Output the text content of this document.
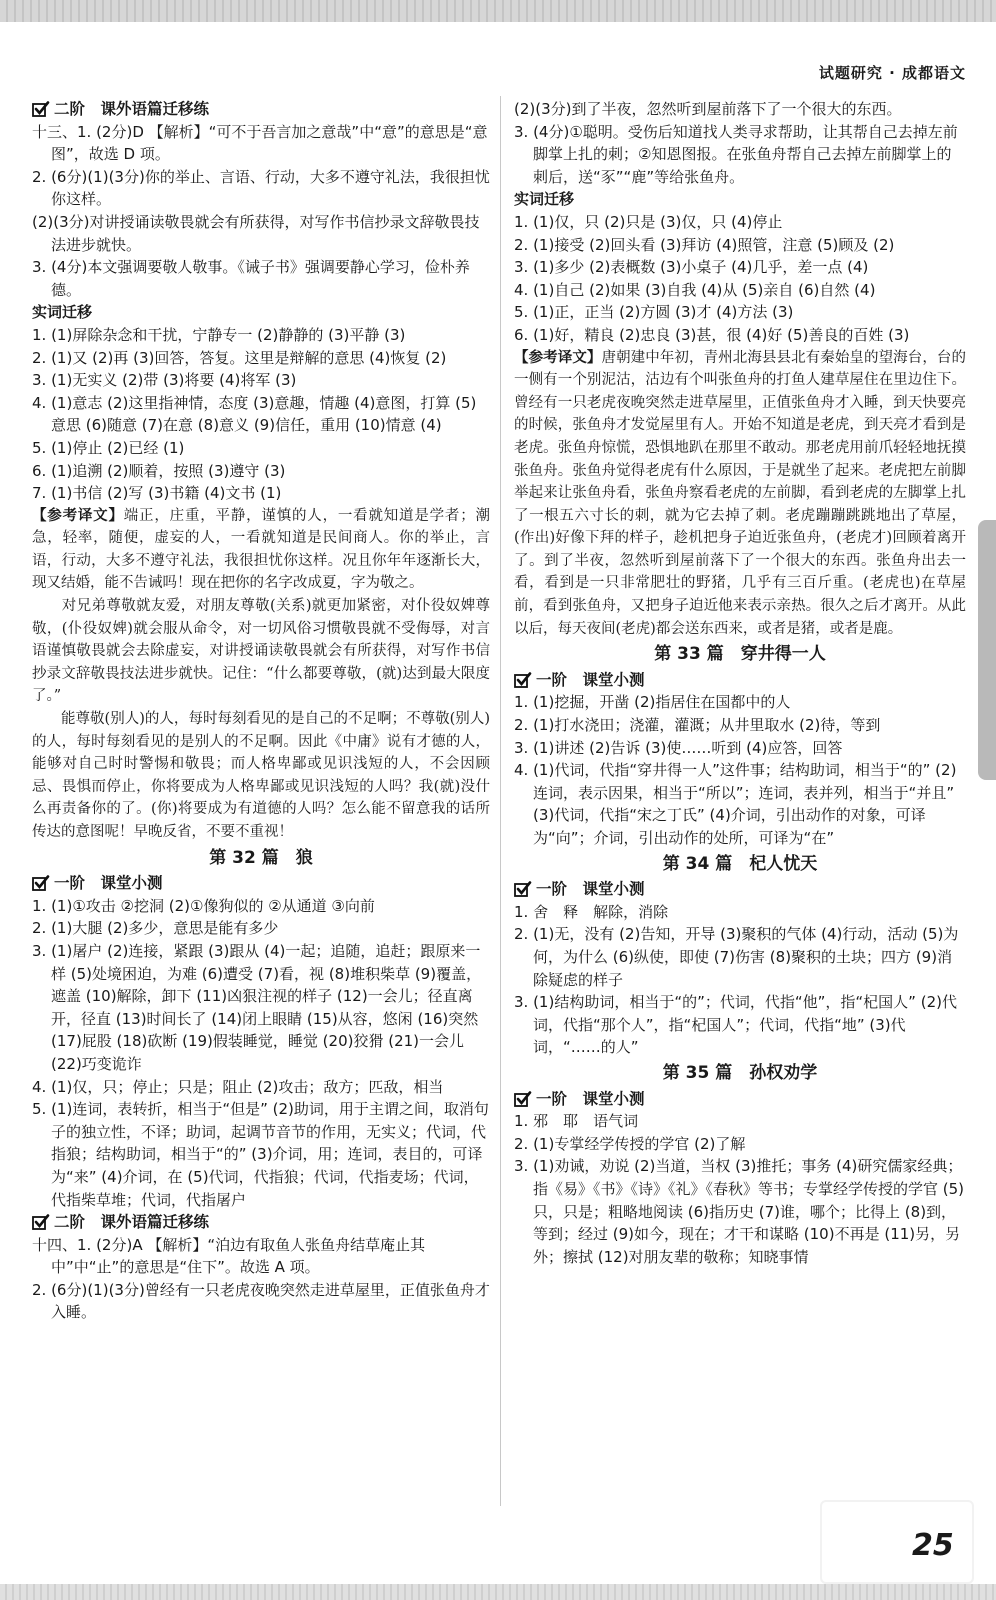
试题研究 · 成都语文
二阶　课外语篇迁移练
十三、1. (2分)D 【解析】“可不于吾言加之意哉”中“意”的意思是“意图”，故选 D 项。
2. (6分)(1)(3分)你的举止、言语、行动，大多不遵守礼法，我很担忧你这样。
(2)(3分)对讲授诵读敬畏就会有所获得，对写作书信抄录文辞敬畏技法进步就快。
3. (4分)本文强调要敬人敬事。《诫子书》强调要静心学习，俭朴养德。
实词迁移
1. (1)屏除杂念和干扰，宁静专一 (2)静静的 (3)平静 (3)
2. (1)又 (2)再 (3)回答，答复。这里是辩解的意思 (4)恢复 (2)
3. (1)无实义 (2)带 (3)将要 (4)将军 (3)
4. (1)意志 (2)这里指神情，态度 (3)意趣，情趣 (4)意图，打算 (5)意思 (6)随意 (7)在意 (8)意义 (9)信任，重用 (10)情意 (4)
5. (1)停止 (2)已经 (1)
6. (1)追溯 (2)顺着，按照 (3)遵守 (3)
7. (1)书信 (2)写 (3)书籍 (4)文书 (1)
【参考译文】端正，庄重，平静，谨慎的人，一看就知道是学者；潮急，轻率，随便，虚妄的人，一看就知道是民间商人。你的举止，言语，行动，大多不遵守礼法，我很担忧你这样。况且你年年逐渐长大，现又结婚，能不告诫吗！现在把你的名字改成夏，字为敬之。
　　对兄弟尊敬就友爱，对朋友尊敬(关系)就更加紧密，对仆役奴婢尊敬，(仆役奴婢)就会服从命令，对一切风俗习惯敬畏就不受侮辱，对言语谨慎敬畏就会去除虚妄，对讲授诵读敬畏就会有所获得，对写作书信抄录文辞敬畏技法进步就快。记住：“什么都要尊敬，(就)达到最大限度了。”
　　能尊敬(别人)的人，每时每刻看见的是自己的不足啊；不尊敬(别人)的人，每时每刻看见的是别人的不足啊。因此《中庸》说有才德的人，能够对自己时时警惕和敬畏；而人格卑鄙或见识浅短的人，不会因顾忌、畏惧而停止，你将要成为人格卑鄙或见识浅短的人吗？我(就)没什么再责备你的了。(你)将要成为有道德的人吗？怎么能不留意我的话所传达的意图呢！早晚反省，不要不重视！
第 32 篇　狼
一阶　课堂小测
1. (1)①攻击 ②挖洞 (2)①像狗似的 ②从通道 ③向前
2. (1)大腿 (2)多少，意思是能有多少
3. (1)屠户 (2)连接，紧跟 (3)跟从 (4)一起；追随，追赶；跟原来一样 (5)处境困迫，为难 (6)遭受 (7)看，视 (8)堆积柴草 (9)覆盖，遮盖 (10)解除，卸下 (11)凶狠注视的样子 (12)一会儿；径直离开，径直 (13)时间长了 (14)闭上眼睛 (15)从容，悠闲 (16)突然 (17)屁股 (18)砍断 (19)假装睡觉，睡觉 (20)狡猾 (21)一会儿 (22)巧变诡诈
4. (1)仅，只；停止；只是；阻止 (2)攻击；敌方；匹敌，相当
5. (1)连词，表转折，相当于“但是” (2)助词，用于主谓之间，取消句子的独立性，不译；助词，起调节音节的作用，无实义；代词，代指狼；结构助词，相当于“的” (3)介词，用；连词，表目的，可译为“来” (4)介词，在 (5)代词，代指狼；代词，代指麦场；代词，代指柴草堆；代词，代指屠户
二阶　课外语篇迁移练
十四、1. (2分)A 【解析】“泊边有取鱼人张鱼舟结草庵止其中”中“止”的意思是“住下”。故选 A 项。
2. (6分)(1)(3分)曾经有一只老虎夜晚突然走进草屋里，正值张鱼舟才入睡。
(2)(3分)到了半夜，忽然听到屋前落下了一个很大的东西。
3. (4分)①聪明。受伤后知道找人类寻求帮助，让其帮自己去掉左前脚掌上扎的刺；②知恩图报。在张鱼舟帮自己去掉左前脚掌上的刺后，送“豕”“鹿”等给张鱼舟。
实词迁移
1. (1)仅，只 (2)只是 (3)仅，只 (4)停止
2. (1)接受 (2)回头看 (3)拜访 (4)照管，注意 (5)顾及 (2)
3. (1)多少 (2)表概数 (3)小桌子 (4)几乎，差一点 (4)
4. (1)自己 (2)如果 (3)自我 (4)从 (5)亲自 (6)自然 (4)
5. (1)正，正当 (2)方圆 (3)才 (4)方法 (3)
6. (1)好，精良 (2)忠良 (3)甚，很 (4)好 (5)善良的百姓 (3)
【参考译文】唐朝建中年初，青州北海县县北有秦始皇的望海台，台的一侧有一个别泥沽，沽边有个叫张鱼舟的打鱼人建草屋住在里边住下。曾经有一只老虎夜晚突然走进草屋里，正值张鱼舟才入睡，到天快要亮的时候，张鱼舟才发觉屋里有人。开始不知道是老虎，到天亮才看到是老虎。张鱼舟惊慌，恐惧地趴在那里不敢动。那老虎用前爪轻轻地抚摸张鱼舟。张鱼舟觉得老虎有什么原因，于是就坐了起来。老虎把左前脚举起来让张鱼舟看，张鱼舟察看老虎的左前脚，看到老虎的左脚掌上扎了一根五六寸长的刺，就为它去掉了刺。老虎蹦蹦跳跳地出了草屋，(作出)好像下拜的样子，趁机把身子迫近张鱼舟，(老虎才)回顾着离开了。到了半夜，忽然听到屋前落下了一个很大的东西。张鱼舟出去一看，看到是一只非常肥壮的野猪，几乎有三百斤重。(老虎也)在草屋前，看到张鱼舟，又把身子迫近他来表示亲热。很久之后才离开。从此以后，每天夜间(老虎)都会送东西来，或者是猪，或者是鹿。
第 33 篇　穿井得一人
一阶　课堂小测
1. (1)挖掘，开凿 (2)指居住在国都中的人
2. (1)打水浇田；浇灌，灌溉；从井里取水 (2)待，等到
3. (1)讲述 (2)告诉 (3)使……听到 (4)应答，回答
4. (1)代词，代指“穿井得一人”这件事；结构助词，相当于“的” (2)连词，表示因果，相当于“所以”；连词，表并列，相当于“并且” (3)代词，代指“宋之丁氏” (4)介词，引出动作的对象，可译为“向”；介词，引出动作的处所，可译为“在”
第 34 篇　杞人忧天
一阶　课堂小测
1. 舍　释　解除，消除
2. (1)无，没有 (2)告知，开导 (3)聚积的气体 (4)行动，活动 (5)为何，为什么 (6)纵使，即使 (7)伤害 (8)聚积的土块；四方 (9)消除疑虑的样子
3. (1)结构助词，相当于“的”；代词，代指“他”，指“杞国人” (2)代词，代指“那个人”，指“杞国人”；代词，代指“地” (3)代词，“……的人”
第 35 篇　孙权劝学
一阶　课堂小测
1. 邪　耶　语气词
2. (1)专掌经学传授的学官 (2)了解
3. (1)劝诫，劝说 (2)当道，当权 (3)推托；事务 (4)研究儒家经典；指《易》《书》《诗》《礼》《春秋》等书；专掌经学传授的学官 (5)只，只是；粗略地阅读 (6)指历史 (7)谁，哪个；比得上 (8)到，等到；经过 (9)如今，现在；才干和谋略 (10)不再是 (11)另，另外；擦拭 (12)对朋友辈的敬称；知晓事情
25
